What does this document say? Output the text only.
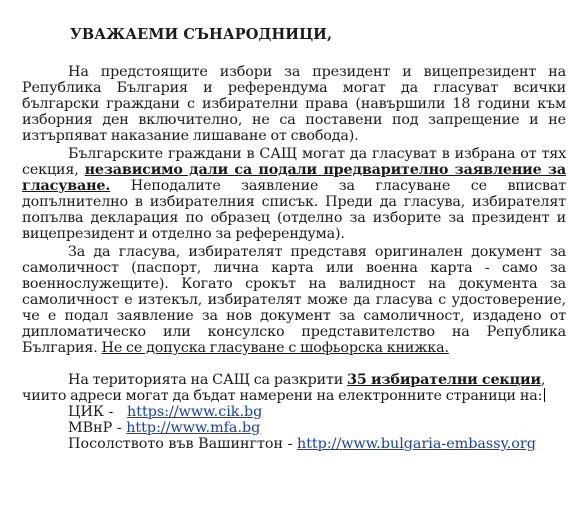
УВАЖАЕМИ СЪНАРОДНИЦИ,

На предстоящите избори за президент и вицепрезидент на Република България и референдума могат да гласуват всички български граждани с избирателни права (навършили 18 години към изборния ден включително, не са поставени под запрещение и не изтърпяват наказание лишаване от свобода).

Българските граждани в САЩ могат да гласуват в избрана от тях секция, независимо дали са подали предварително заявление за гласуване. Неподалите заявление за гласуване се вписват допълнително в избирателния списък. Преди да гласува, избирателят попълва декларация по образец (отделно за изборите за президент и вицепрезидент и отделно за референдума).

За да гласува, избирателят представя оригинален документ за самоличност (паспорт, лична карта или военна карта - само за военнослужещите). Когато срокът на валидност на документа за самоличност е изтекъл, избирателят може да гласува с удостоверение, че е подал заявление за нов документ за самоличност, издадено от дипломатическо или консулско представителство на Република България. Не се допуска гласуване с шофьорска книжка.

На територията на САЩ са разкрити 35 избирателни секции, чиито адреси могат да бъдат намерени на електронните страници на:

ЦИК - https://www.cik.bg
МВнР - http://www.mfa.bg
Посолството във Вашингтон - http://www.bulgaria-embassy.org
